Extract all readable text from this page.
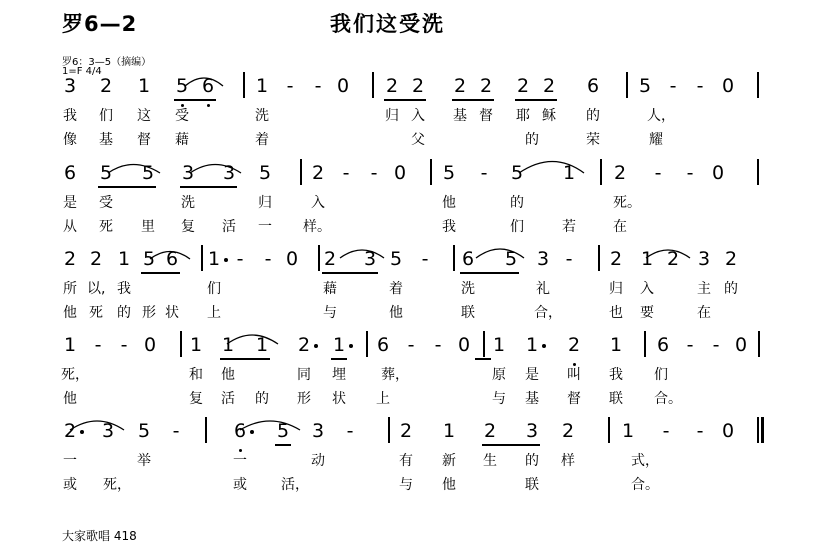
罗6—2	我们这受洗
罗6：3—5（摘编）
1=F 4/4
大家歌唱 418
3 2 1 5 6 1 - - 0 2 2 2 2 2 2 6 5 - - 0
我 们 这 受	洗	归 入 基 督 耶 稣 的	人，
像 基 督 藉	着	父	的	荣	耀
6 5 5 3 3 5 2 - - 0 5 - 5 1 2 - - 0
是 受	洗	归	入	他	的	死。
从 死 里 复 活 一 样。	我	们	若	在
2 2 1 5 6 1 - - 0 2 3 5 - 6 5 3 - 2 1 2 3 2
所 以, 我	们	藉	着	洗	礼	归 入	主 的
他 死 的 形 状 上	与	他	联	合，	也 要	在
1 - - 0 1 1 1 2 1 6 - - 0 1 1 2 1 6 - - 0
死，	和 他	同 埋	葬，	原 是 叫 我 们
他	复 活 的 形 状 上	与 基 督 联 合。
2 3 5 -	6 5 3 - 2 1 2 3 2	1 - - 0
一	举	一	动	有 新 生 的 样	式，
或 死，	或 活，	与 他	联	合。
